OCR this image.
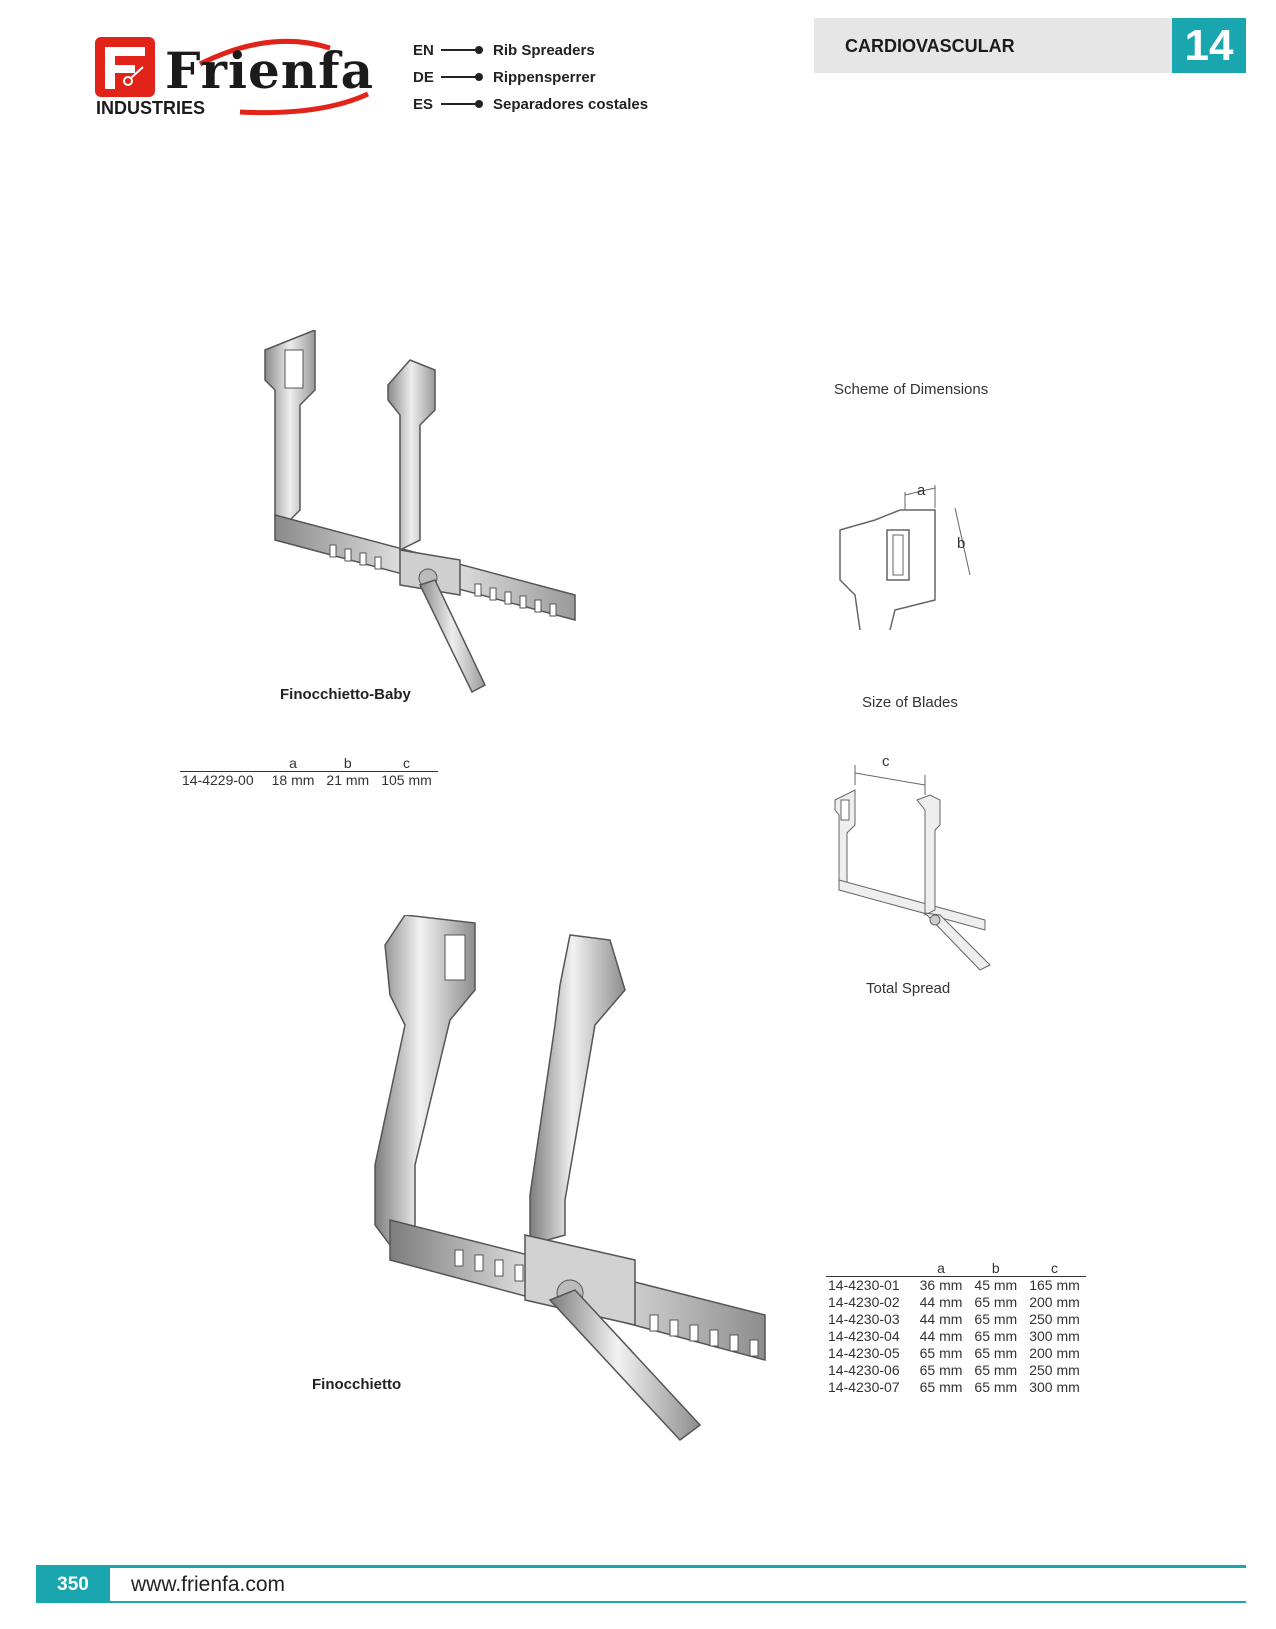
Frienfa
INDUSTRIES
EN	Rib Spreaders
DE	Rippensperrer
ES	Separadores costales
CARDIOVASCULAR	14
Finocchietto-Baby
	a	b	c
14-4229-00	18 mm	21 mm	105 mm
Scheme of Dimensions
a
b
Size of Blades
c
Total Spread
Finocchietto
	a	b	c
14-4230-01	36 mm	45 mm	165 mm
14-4230-02	44 mm	65 mm	200 mm
14-4230-03	44 mm	65 mm	250 mm
14-4230-04	44 mm	65 mm	300 mm
14-4230-05	65 mm	65 mm	200 mm
14-4230-06	65 mm	65 mm	250 mm
14-4230-07	65 mm	65 mm	300 mm
350	www.frienfa.com
